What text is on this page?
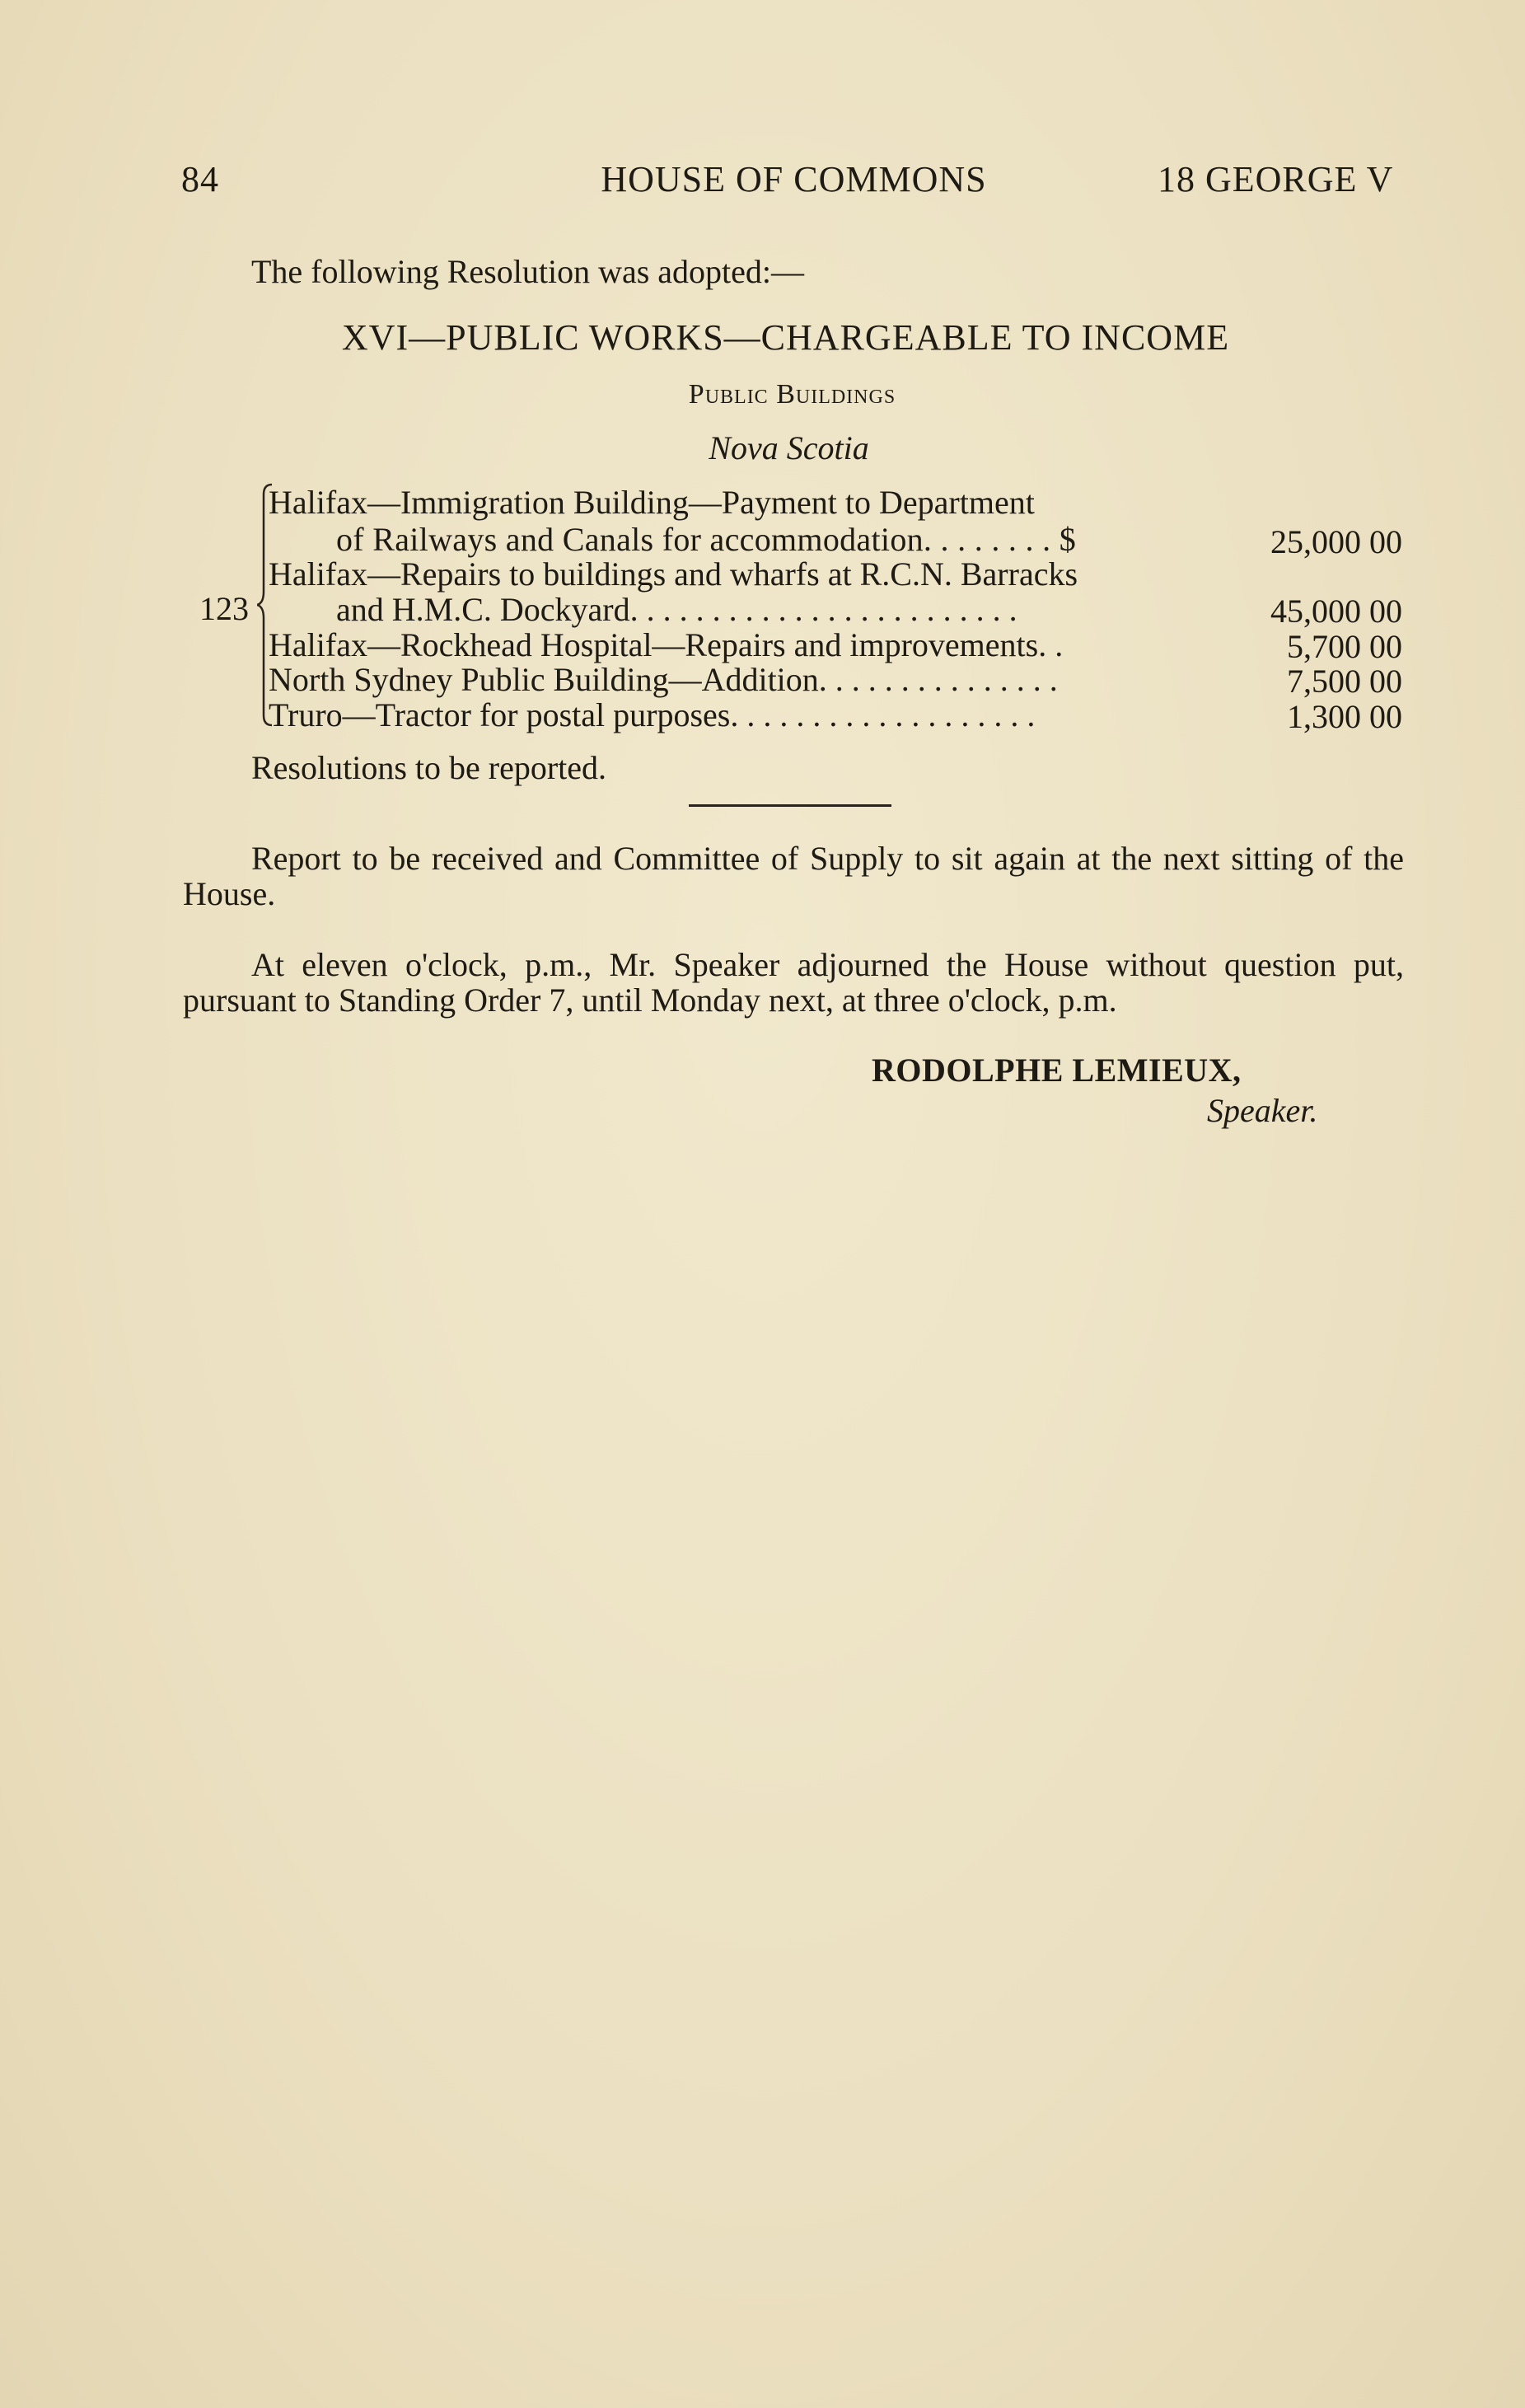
84	HOUSE OF COMMONS	18 GEORGE V
The following Resolution was adopted:—
XVI—PUBLIC WORKS—CHARGEABLE TO INCOME
Public Buildings
Nova Scotia
123
Halifax—Immigration Building—Payment to Department
of Railways and Canals for accommodation. . . . . . . . $	25,000 00
Halifax—Repairs to buildings and wharfs at R.C.N. Barracks
and H.M.C. Dockyard. . . . . . . . . . . . . . . . . . . . . . . .	45,000 00
Halifax—Rockhead Hospital—Repairs and improvements. .	5,700 00
North Sydney Public Building—Addition. . . . . . . . . . . . . . .	7,500 00
Truro—Tractor for postal purposes. . . . . . . . . . . . . . . . . . .	1,300 00
Resolutions to be reported.
Report to be received and Committee of Supply to sit again at the next sitting of the House.
At eleven o'clock, p.m., Mr. Speaker adjourned the House without question put, pursuant to Standing Order 7, until Monday next, at three o'clock, p.m.
RODOLPHE LEMIEUX,
Speaker.
